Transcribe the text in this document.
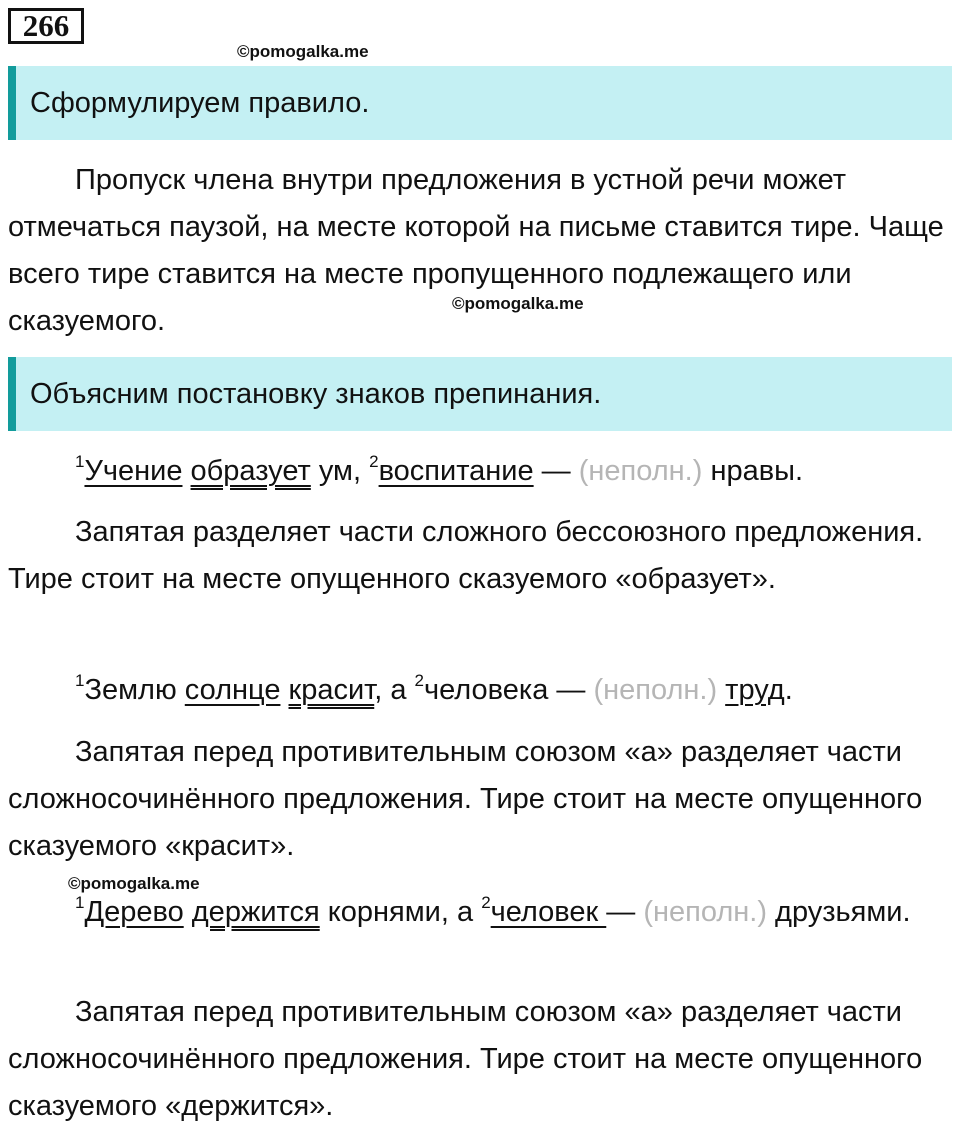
266
©pomogalka.me
©pomogalka.me
©pomogalka.me
Сформулируем правило.

Пропуск члена внутри предложения в устной речи может отмечаться паузой, на месте которой на письме ставится тире. Чаще всего тире ставится на месте пропущенного подлежащего или сказуемого.

Объясним постановку знаков препинания.

$^1$Учение образует ум, $^2$воспитание — (неполн.) нравы.

Запятая разделяет части сложного бессоюзного предложения. Тире стоит на месте опущенного сказуемого «образует».

$^1$Землю солнце красит, а $^2$человека — (неполн.) труд.

Запятая перед противительным союзом «а» разделяет части сложносочинённого предложения. Тире стоит на месте опущенного сказуемого «красит».

$^1$Дерево держится корнями, а $^2$человек — (неполн.) друзьями.

Запятая перед противительным союзом «а» разделяет части сложносочинённого предложения. Тире стоит на месте опущенного сказуемого «держится».
